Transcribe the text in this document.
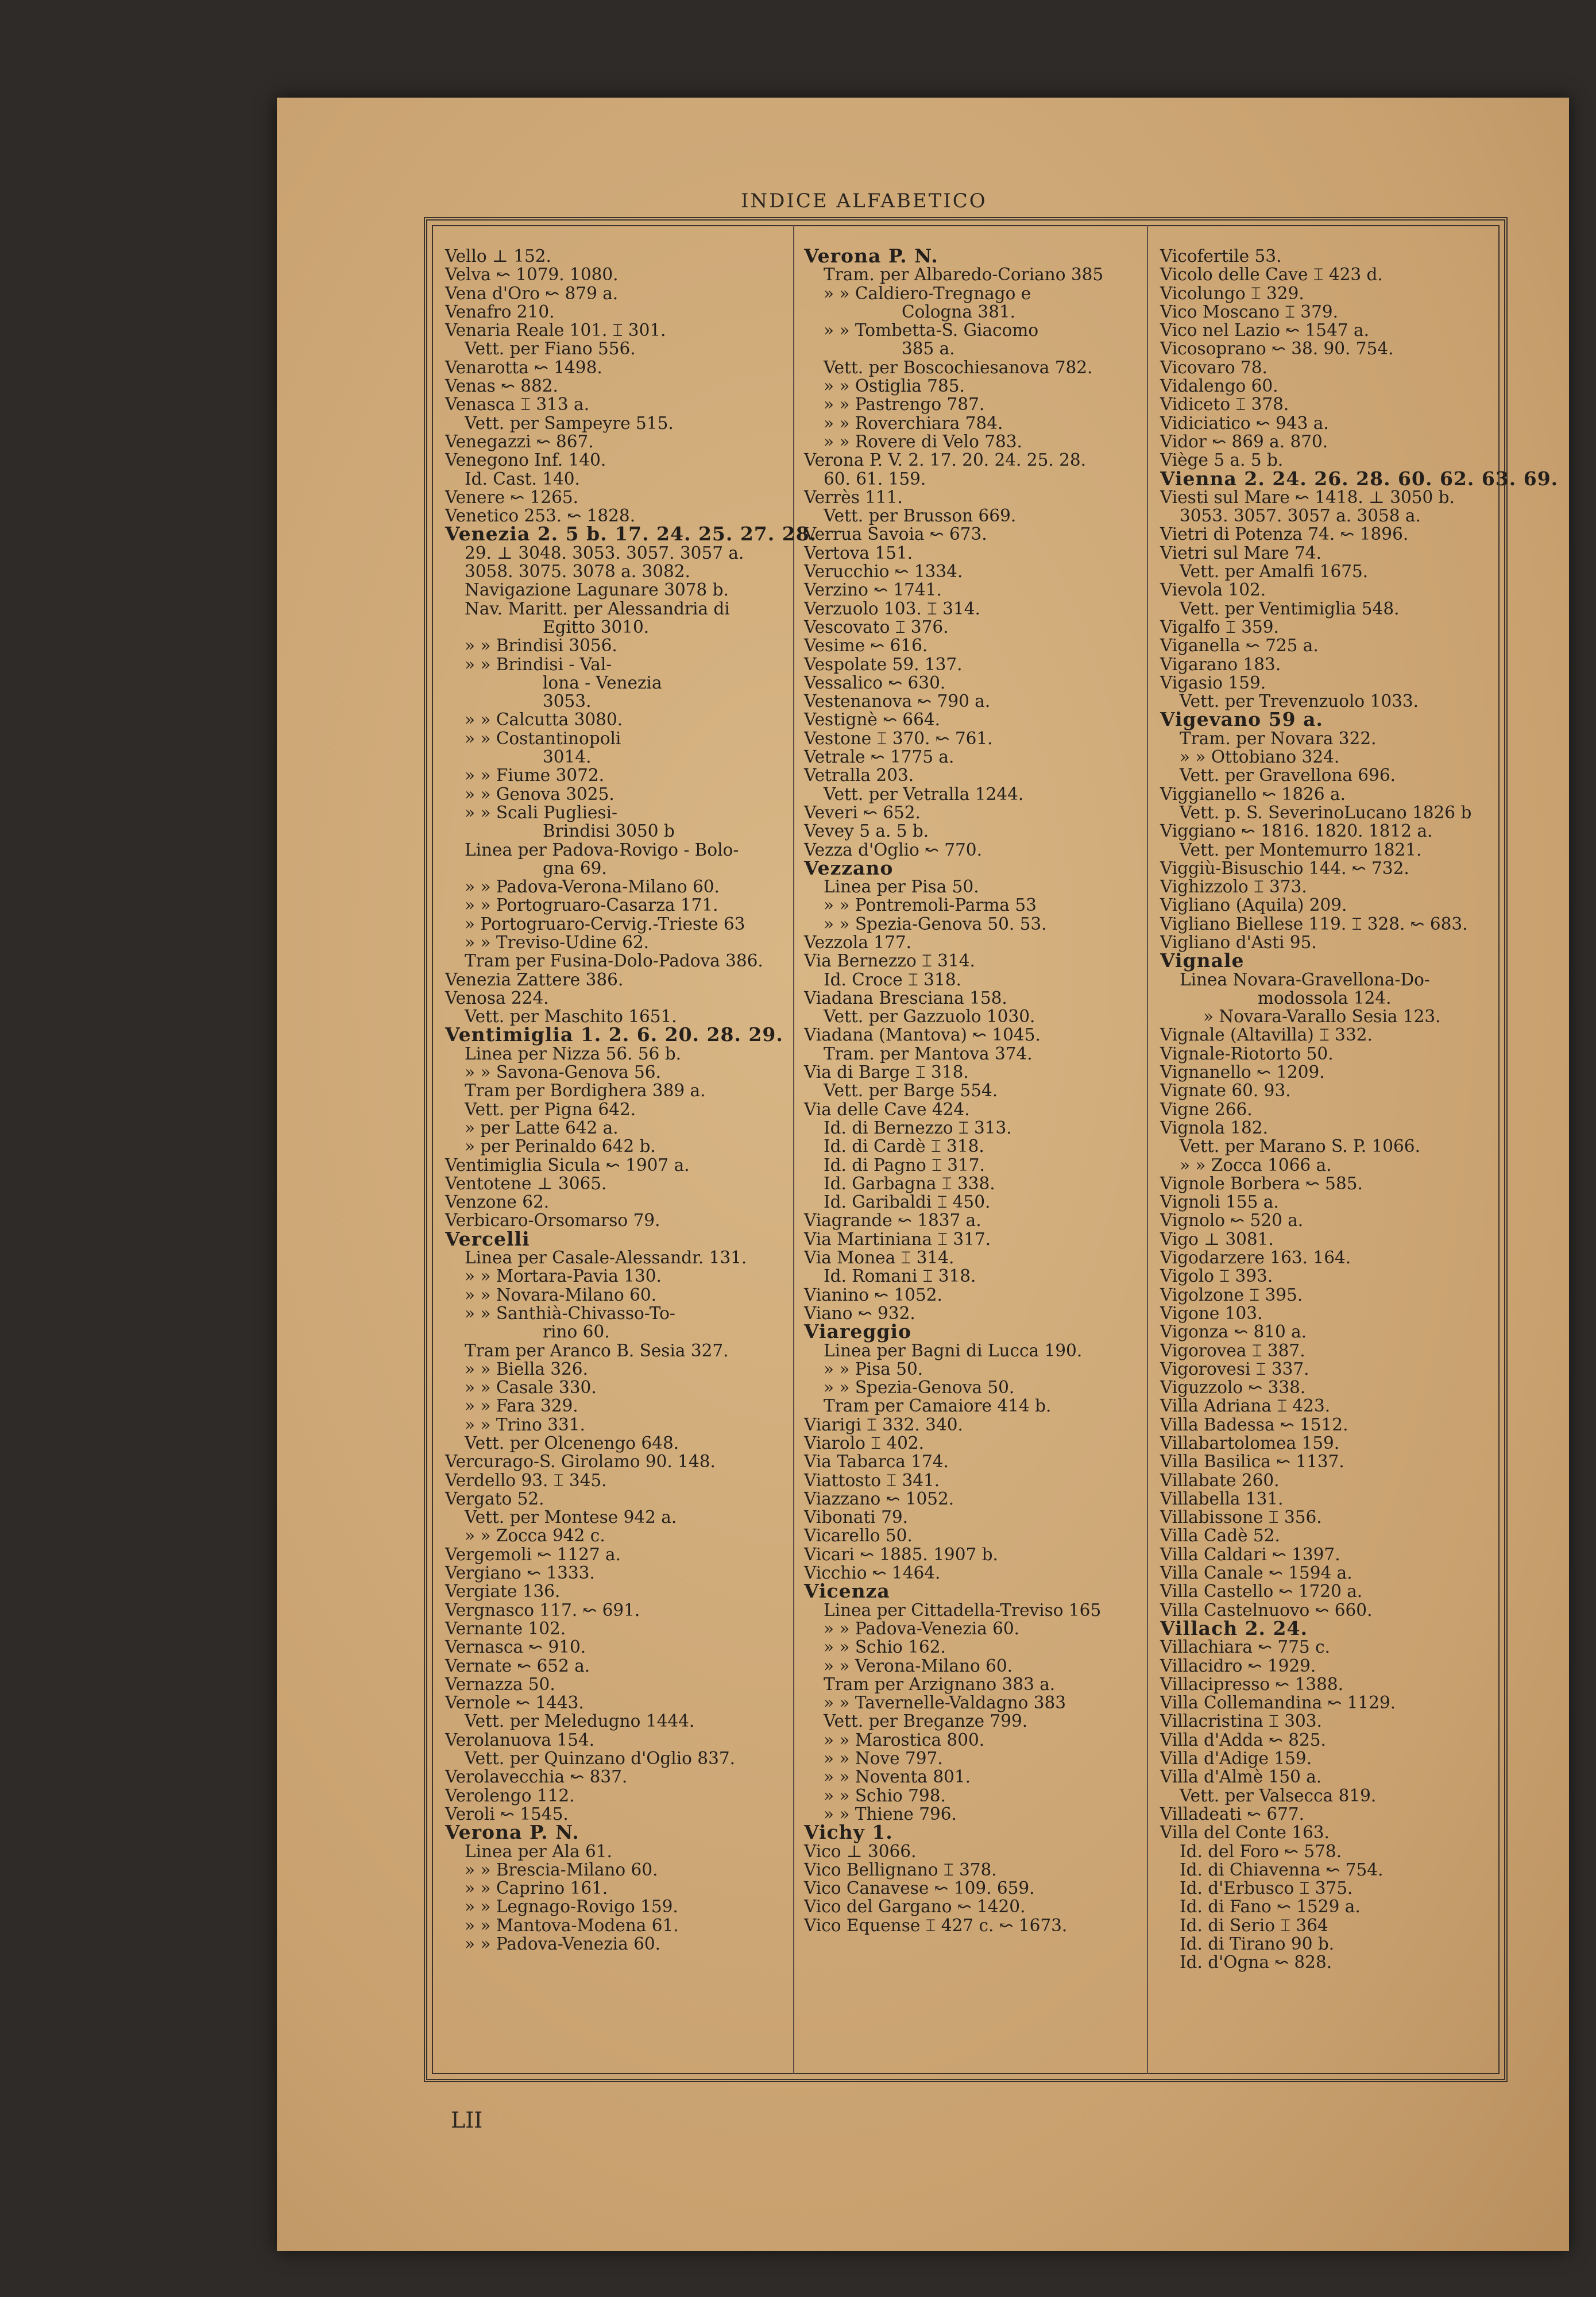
INDICE ALFABETICO
Vello ⊥ 152.
Velva ↜ 1079. 1080.
Vena d'Oro ↜ 879 a.
Venafro 210.
Venaria Reale 101. ⌶ 301.
Vett. per Fiano 556.
Venarotta ↜ 1498.
Venas ↜ 882.
Venasca ⌶ 313 a.
Vett. per Sampeyre 515.
Venegazzi ↜ 867.
Venegono Inf. 140.
Id. Cast. 140.
Venere ↜ 1265.
Venetico 253. ↜ 1828.
Venezia 2. 5 b. 17. 24. 25. 27. 28.
29. ⊥ 3048. 3053. 3057. 3057 a.
3058. 3075. 3078 a. 3082.
Navigazione Lagunare 3078 b.
Nav. Maritt. per Alessandria di
Egitto 3010.
» » Brindisi 3056.
» » Brindisi - Val-
lona - Venezia
3053.
» » Calcutta 3080.
» » Costantinopoli
3014.
» » Fiume 3072.
» » Genova 3025.
» » Scali Pugliesi-
Brindisi 3050 b
Linea per Padova-Rovigo - Bolo-
gna 69.
» » Padova-Verona-Milano 60.
» » Portogruaro-Casarza 171.
» Portogruaro-Cervig.-Trieste 63
» » Treviso-Udine 62.
Tram per Fusina-Dolo-Padova 386.
Venezia Zattere 386.
Venosa 224.
Vett. per Maschito 1651.
Ventimiglia 1. 2. 6. 20. 28. 29.
Linea per Nizza 56. 56 b.
» » Savona-Genova 56.
Tram per Bordighera 389 a.
Vett. per Pigna 642.
» per Latte 642 a.
» per Perinaldo 642 b.
Ventimiglia Sicula ↜ 1907 a.
Ventotene ⊥ 3065.
Venzone 62.
Verbicaro-Orsomarso 79.
Vercelli
Linea per Casale-Alessandr. 131.
» » Mortara-Pavia 130.
» » Novara-Milano 60.
» » Santhià-Chivasso-To-
rino 60.
Tram per Aranco B. Sesia 327.
» » Biella 326.
» » Casale 330.
» » Fara 329.
» » Trino 331.
Vett. per Olcenengo 648.
Vercurago-S. Girolamo 90. 148.
Verdello 93. ⌶ 345.
Vergato 52.
Vett. per Montese 942 a.
» » Zocca 942 c.
Vergemoli ↜ 1127 a.
Vergiano ↜ 1333.
Vergiate 136.
Vergnasco 117. ↜ 691.
Vernante 102.
Vernasca ↜ 910.
Vernate ↜ 652 a.
Vernazza 50.
Vernole ↜ 1443.
Vett. per Meledugno 1444.
Verolanuova 154.
Vett. per Quinzano d'Oglio 837.
Verolavecchia ↜ 837.
Verolengo 112.
Veroli ↜ 1545.
Verona P. N.
Linea per Ala 61.
» » Brescia-Milano 60.
» » Caprino 161.
» » Legnago-Rovigo 159.
» » Mantova-Modena 61.
» » Padova-Venezia 60.
Verona P. N.
Tram. per Albaredo-Coriano 385
» » Caldiero-Tregnago e
Cologna 381.
» » Tombetta-S. Giacomo
385 a.
Vett. per Boscochiesanova 782.
» » Ostiglia 785.
» » Pastrengo 787.
» » Roverchiara 784.
» » Rovere di Velo 783.
Verona P. V. 2. 17. 20. 24. 25. 28.
60. 61. 159.
Verrès 111.
Vett. per Brusson 669.
Verrua Savoia ↜ 673.
Vertova 151.
Verucchio ↜ 1334.
Verzino ↜ 1741.
Verzuolo 103. ⌶ 314.
Vescovato ⌶ 376.
Vesime ↜ 616.
Vespolate 59. 137.
Vessalico ↜ 630.
Vestenanova ↜ 790 a.
Vestignè ↜ 664.
Vestone ⌶ 370. ↜ 761.
Vetrale ↜ 1775 a.
Vetralla 203.
Vett. per Vetralla 1244.
Veveri ↜ 652.
Vevey 5 a. 5 b.
Vezza d'Oglio ↜ 770.
Vezzano
Linea per Pisa 50.
» » Pontremoli-Parma 53
» » Spezia-Genova 50. 53.
Vezzola 177.
Via Bernezzo ⌶ 314.
Id. Croce ⌶ 318.
Viadana Bresciana 158.
Vett. per Gazzuolo 1030.
Viadana (Mantova) ↜ 1045.
Tram. per Mantova 374.
Via di Barge ⌶ 318.
Vett. per Barge 554.
Via delle Cave 424.
Id. di Bernezzo ⌶ 313.
Id. di Cardè ⌶ 318.
Id. di Pagno ⌶ 317.
Id. Garbagna ⌶ 338.
Id. Garibaldi ⌶ 450.
Viagrande ↜ 1837 a.
Via Martiniana ⌶ 317.
Via Monea ⌶ 314.
Id. Romani ⌶ 318.
Vianino ↜ 1052.
Viano ↜ 932.
Viareggio
Linea per Bagni di Lucca 190.
» » Pisa 50.
» » Spezia-Genova 50.
Tram per Camaiore 414 b.
Viarigi ⌶ 332. 340.
Viarolo ⌶ 402.
Via Tabarca 174.
Viattosto ⌶ 341.
Viazzano ↜ 1052.
Vibonati 79.
Vicarello 50.
Vicari ↜ 1885. 1907 b.
Vicchio ↜ 1464.
Vicenza
Linea per Cittadella-Treviso 165
» » Padova-Venezia 60.
» » Schio 162.
» » Verona-Milano 60.
Tram per Arzignano 383 a.
» » Tavernelle-Valdagno 383
Vett. per Breganze 799.
» » Marostica 800.
» » Nove 797.
» » Noventa 801.
» » Schio 798.
» » Thiene 796.
Vichy 1.
Vico ⊥ 3066.
Vico Bellignano ⌶ 378.
Vico Canavese ↜ 109. 659.
Vico del Gargano ↜ 1420.
Vico Equense ⌶ 427 c. ↜ 1673.
Vicofertile 53.
Vicolo delle Cave ⌶ 423 d.
Vicolungo ⌶ 329.
Vico Moscano ⌶ 379.
Vico nel Lazio ↜ 1547 a.
Vicosoprano ↜ 38. 90. 754.
Vicovaro 78.
Vidalengo 60.
Vidiceto ⌶ 378.
Vidiciatico ↜ 943 a.
Vidor ↜ 869 a. 870.
Viège 5 a. 5 b.
Vienna 2. 24. 26. 28. 60. 62. 63. 69.
Viesti sul Mare ↜ 1418. ⊥ 3050 b.
3053. 3057. 3057 a. 3058 a.
Vietri di Potenza 74. ↜ 1896.
Vietri sul Mare 74.
Vett. per Amalfi 1675.
Vievola 102.
Vett. per Ventimiglia 548.
Vigalfo ⌶ 359.
Viganella ↜ 725 a.
Vigarano 183.
Vigasio 159.
Vett. per Trevenzuolo 1033.
Vigevano 59 a.
Tram. per Novara 322.
» » Ottobiano 324.
Vett. per Gravellona 696.
Viggianello ↜ 1826 a.
Vett. p. S. SeverinoLucano 1826 b
Viggiano ↜ 1816. 1820. 1812 a.
Vett. per Montemurro 1821.
Viggiù-Bisuschio 144. ↜ 732.
Vighizzolo ⌶ 373.
Vigliano (Aquila) 209.
Vigliano Biellese 119. ⌶ 328. ↜ 683.
Vigliano d'Asti 95.
Vignale
Linea Novara-Gravellona-Do-
modossola 124.
» Novara-Varallo Sesia 123.
Vignale (Altavilla) ⌶ 332.
Vignale-Riotorto 50.
Vignanello ↜ 1209.
Vignate 60. 93.
Vigne 266.
Vignola 182.
Vett. per Marano S. P. 1066.
» » Zocca 1066 a.
Vignole Borbera ↜ 585.
Vignoli 155 a.
Vignolo ↜ 520 a.
Vigo ⊥ 3081.
Vigodarzere 163. 164.
Vigolo ⌶ 393.
Vigolzone ⌶ 395.
Vigone 103.
Vigonza ↜ 810 a.
Vigorovea ⌶ 387.
Vigorovesi ⌶ 337.
Viguzzolo ↜ 338.
Villa Adriana ⌶ 423.
Villa Badessa ↜ 1512.
Villabartolomea 159.
Villa Basilica ↜ 1137.
Villabate 260.
Villabella 131.
Villabissone ⌶ 356.
Villa Cadè 52.
Villa Caldari ↜ 1397.
Villa Canale ↜ 1594 a.
Villa Castello ↜ 1720 a.
Villa Castelnuovo ↜ 660.
Villach 2. 24.
Villachiara ↜ 775 c.
Villacidro ↜ 1929.
Villacipresso ↜ 1388.
Villa Collemandina ↜ 1129.
Villacristina ⌶ 303.
Villa d'Adda ↜ 825.
Villa d'Adige 159.
Villa d'Almè 150 a.
Vett. per Valsecca 819.
Villadeati ↜ 677.
Villa del Conte 163.
Id. del Foro ↜ 578.
Id. di Chiavenna ↜ 754.
Id. d'Erbusco ⌶ 375.
Id. di Fano ↜ 1529 a.
Id. di Serio ⌶ 364
Id. di Tirano 90 b.
Id. d'Ogna ↜ 828.
LII
